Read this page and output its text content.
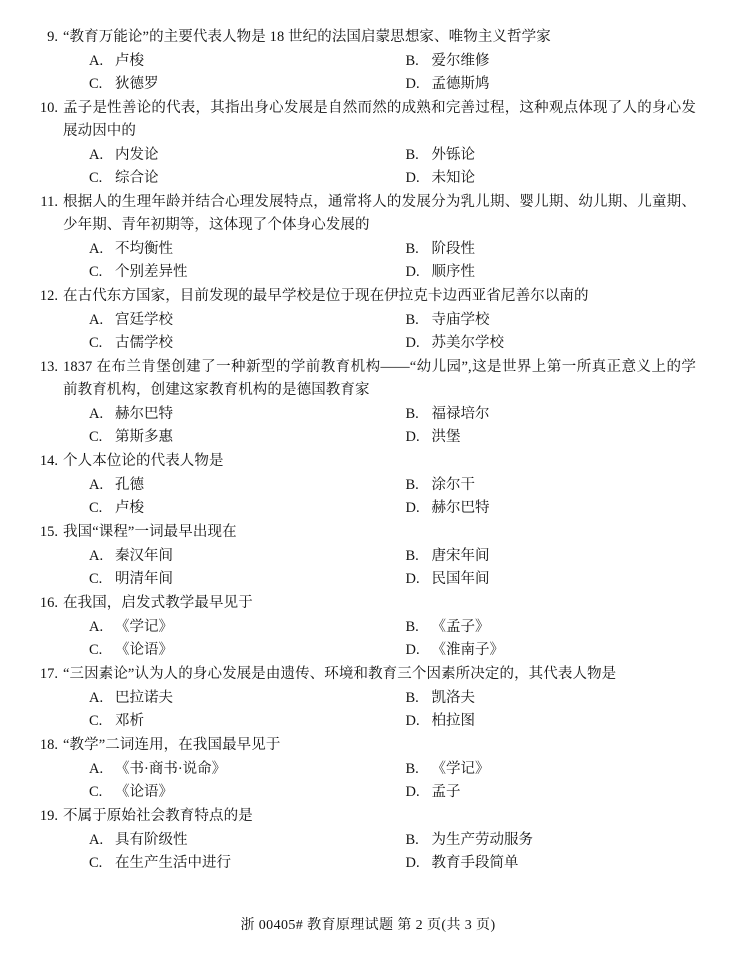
9. “教育万能论”的主要代表人物是 18 世纪的法国启蒙思想家、唯物主义哲学家
A. 卢梭	B. 爱尔维修
C. 狄德罗	D. 孟德斯鸠
10. 孟子是性善论的代表，其指出身心发展是自然而然的成熟和完善过程，这种观点体现了人的身心发展动因中的
A. 内发论	B. 外铄论
C. 综合论	D. 未知论
11. 根据人的生理年龄并结合心理发展特点，通常将人的发展分为乳儿期、婴儿期、幼儿期、儿童期、少年期、青年初期等，这体现了个体身心发展的
A. 不均衡性	B. 阶段性
C. 个别差异性	D. 顺序性
12. 在古代东方国家，目前发现的最早学校是位于现在伊拉克卡边西亚省尼善尔以南的
A. 宫廷学校	B. 寺庙学校
C. 古儒学校	D. 苏美尔学校
13. 1837 在布兰肯堡创建了一种新型的学前教育机构——“幼儿园”,这是世界上第一所真正意义上的学前教育机构，创建这家教育机构的是德国教育家
A. 赫尔巴特	B. 福禄培尔
C. 第斯多惠	D. 洪堡
14. 个人本位论的代表人物是
A. 孔德	B. 涂尔干
C. 卢梭	D. 赫尔巴特
15. 我国“课程”一词最早出现在
A. 秦汉年间	B. 唐宋年间
C. 明清年间	D. 民国年间
16. 在我国，启发式教学最早见于
A. 《学记》	B. 《孟子》
C. 《论语》	D. 《淮南子》
17. “三因素论”认为人的身心发展是由遗传、环境和教育三个因素所决定的，其代表人物是
A. 巴拉诺夫	B. 凯洛夫
C. 邓析	D. 柏拉图
18. “教学”二词连用，在我国最早见于
A. 《书·商书·说命》	B. 《学记》
C. 《论语》	D. 孟子
19. 不属于原始社会教育特点的是
A. 具有阶级性	B. 为生产劳动服务
C. 在生产生活中进行	D. 教育手段简单
浙 00405# 教育原理试题 第 2 页(共 3 页)
